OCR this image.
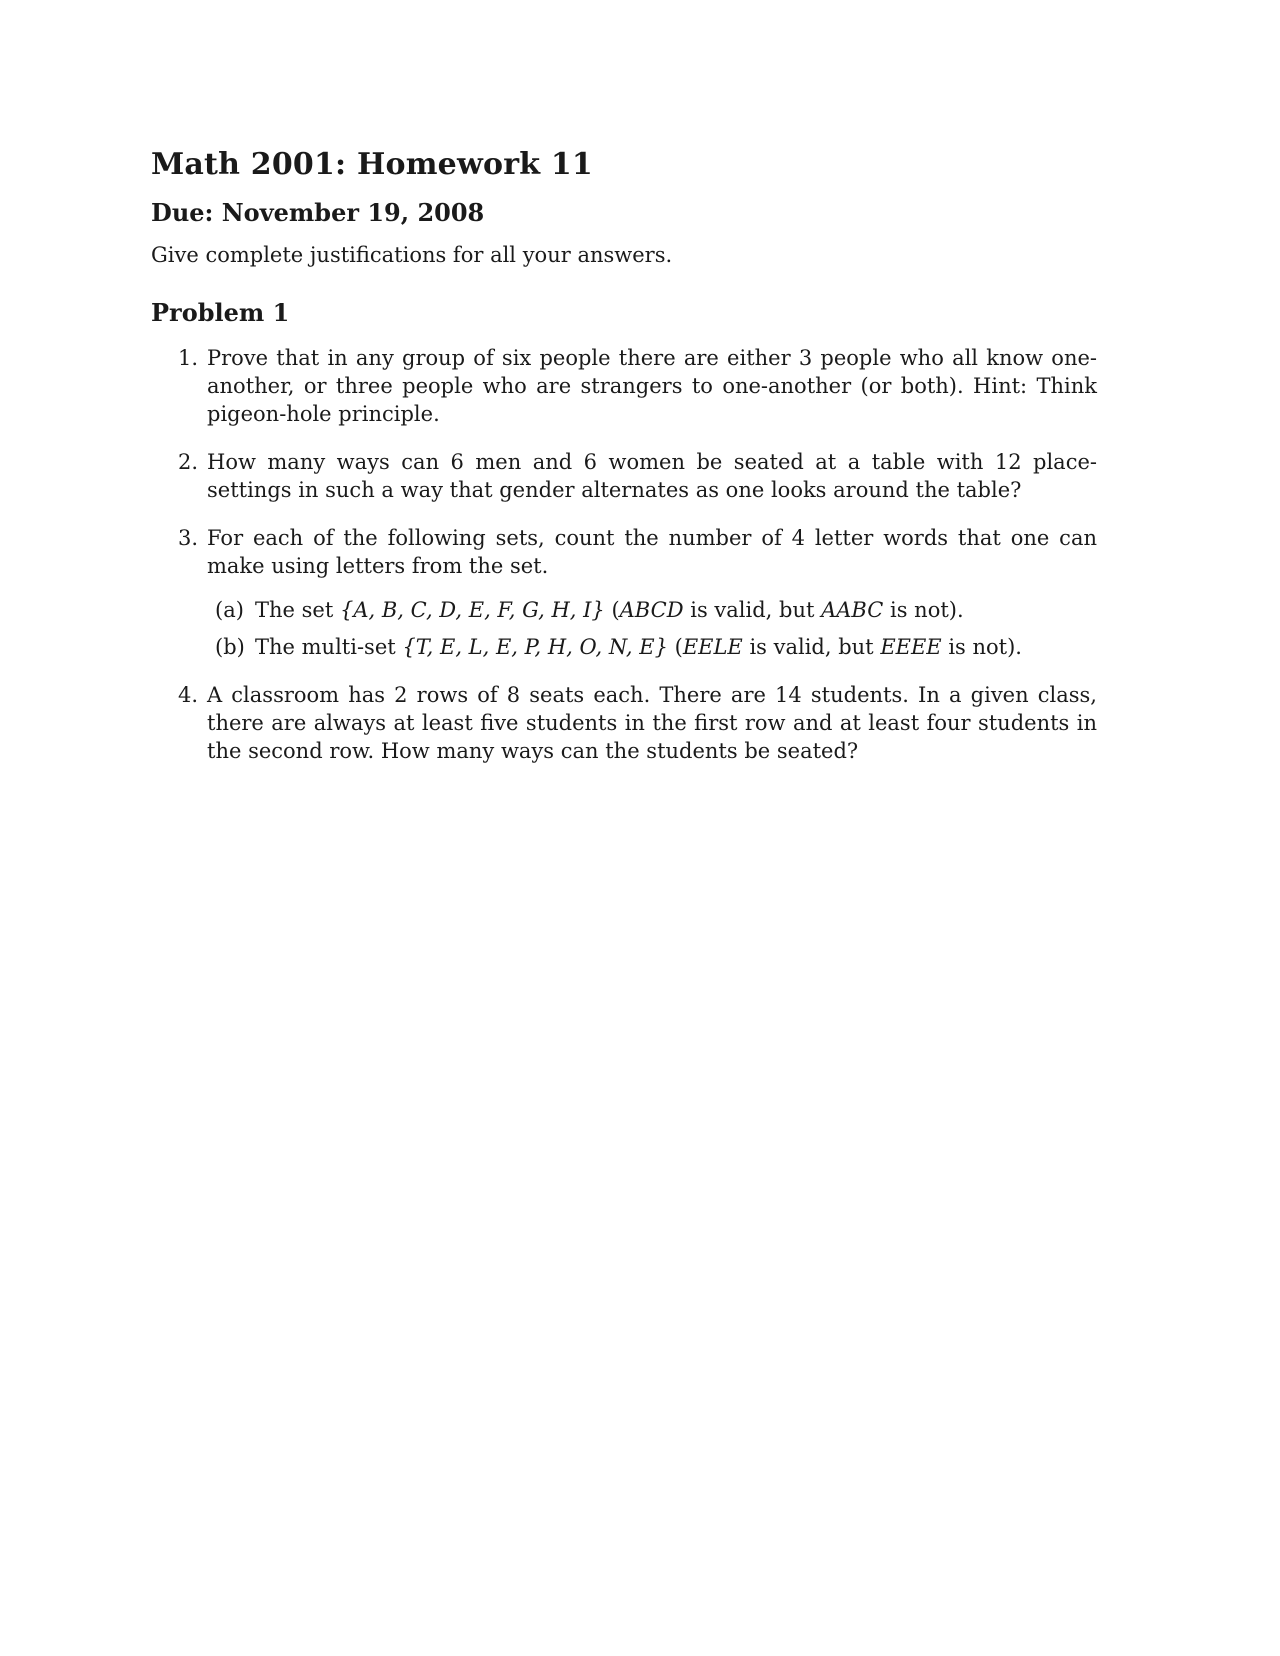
Math 2001: Homework 11
Due: November 19, 2008

Give complete justifications for all your answers.

Problem 1
1. Prove that in any group of six people there are either 3 people who all know one-another, or three people who are strangers to one-another (or both). Hint: Think pigeon-hole principle.
2. How many ways can 6 men and 6 women be seated at a table with 12 place-settings in such a way that gender alternates as one looks around the table?
3. For each of the following sets, count the number of 4 letter words that one can make using letters from the set.
(a) The set {A, B, C, D, E, F, G, H, I} (ABCD is valid, but AABC is not).
(b) The multi-set {T, E, L, E, P, H, O, N, E} (EELE is valid, but EEEE is not).
4. A classroom has 2 rows of 8 seats each. There are 14 students. In a given class, there are always at least five students in the first row and at least four students in the second row. How many ways can the students be seated?
